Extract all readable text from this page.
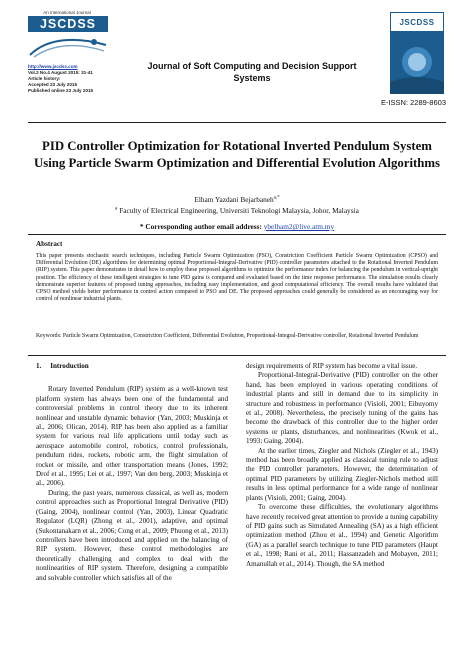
An International Journal
JSCDSS
http://www.jscdss.com
Vol.2 No.4 August 2015: 31-41
Article history:
Accepted 23 July 2015
Published online 23 July 2015
Journal of Soft Computing and Decision Support Systems
JSCDSS
E-ISSN: 2289-8603
PID Controller Optimization for Rotational Inverted Pendulum System Using Particle Swarm Optimization and Differential Evolution Algorithms
Elham Yazdani Bejarbaneh$^{a,*}$
$^a$ Faculty of Electrical Engineering, Universiti Teknologi Malaysia, Johor, Malaysia
* Corresponding author email address: ybelham2@live.atm.my
Abstract
This paper presents stochastic search techniques, including Particle Swarm Optimization (PSO), Constriction Coefficient Particle Swarm Optimization (CPSO) and Differential Evolution (DE) algorithms for determining optimal Proportional-Integral-Derivative (PID) controller parameters attached to the Rotational Inverted Pendulum (RIP) system. This paper demonstrates in detail how to employ these proposed algorithms to optimize the performance index for balancing the pendulum in vertical-upright position. The efficiency of these intelligent strategies to tune PID gains is compared and evaluated based on the time response performance. The simulation results clearly demonstrate superior features of proposed tuning approaches, including easy implementation, and good computational efficiency. The overall results have validated that CPSO method yields better performance in control action compared to PSO and DE. The proposed approaches could generally be considered as an encouraging way for control of nonlinear industrial plants.
Keywords: Particle Swarm Optimization, Constriction Coefficient, Differential Evolution, Proportional-Integral-Derivative controller, Rotational Inverted Pendulum
1. Introduction

Rotary Inverted Pendulum (RIP) system as a well-known test platform system has always been one of the fundamental and controversial problems in control theory due to its inherent nonlinear and unstable dynamic behavior (Yan, 2003; Muskinja et al., 2006; Olican, 2014). RIP has been also applied as a familiar system for various real life applications until today such as aerospace automobile control, robotics, control professionals, pendulum rides, rockets, robotic arm, the flight simulation of rocket or missile, and other transportation means (Jones, 1992; Drof et al., 1995; Lei et al., 1997; Van den berg, 2003; Muskinja et al., 2006).

During, the past years, numerous classical, as well as, modern control approaches such as Proportional Integral Derivative (PID) (Gaing, 2004), nonlinear control (Yan, 2003), Linear Quadratic Regulator (LQR) (Zhong et al., 2001), adaptive, and optimal (Sukontanakarn et al., 2006; Cong et al., 2009; Phuong et al., 2013) controllers have been introduced and applied on the balancing of RIP system. However, these control methodologies are theoretically challenging and complex to deal with the nonlinearities of RIP system. Therefore, designing a compatible and solvable controller which satisfies all of the

design requirements of RIP system has become a vital issue.

Proportional-Integral-Derivative (PID) controller on the other hand, has been employed in various operating conditions of industrial plants and still in demand due to its simplicity in structure and robustness in performance (Visioli, 2001; Eibuyomy et al., 2008). Nevertheless, the precisely tuning of the gains has become the drawback of this controller due to the higher order systems or plants, disturbances, and nonlinearities (Kwok et al., 1993; Gaing, 2004).

At the earlier times, Ziegler and Nichols (Ziegler et al., 1943) method has been broadly applied as classical tuning rule to adjust the PID controller parameters. However, the determination of optimal PID parameters by utilizing Ziegler-Nichols method still results in less optimal performance for a wide range of nonlinear plants (Visioli, 2001; Gaing, 2004).

To overcome these difficulties, the evolutionary algorithms have recently received great attention to provide a tuning capability of PID gains such as Simulated Annealing (SA) as a high efficient optimization method (Zhou et al., 1994) and Genetic Algorithm (GA) as a parallel search technique to tune PID parameters (Haupt et al., 1998; Rani et al., 2011; Hassanzadeh and Mobayen, 2011; Amanullah et al., 2014). Though, the SA method
